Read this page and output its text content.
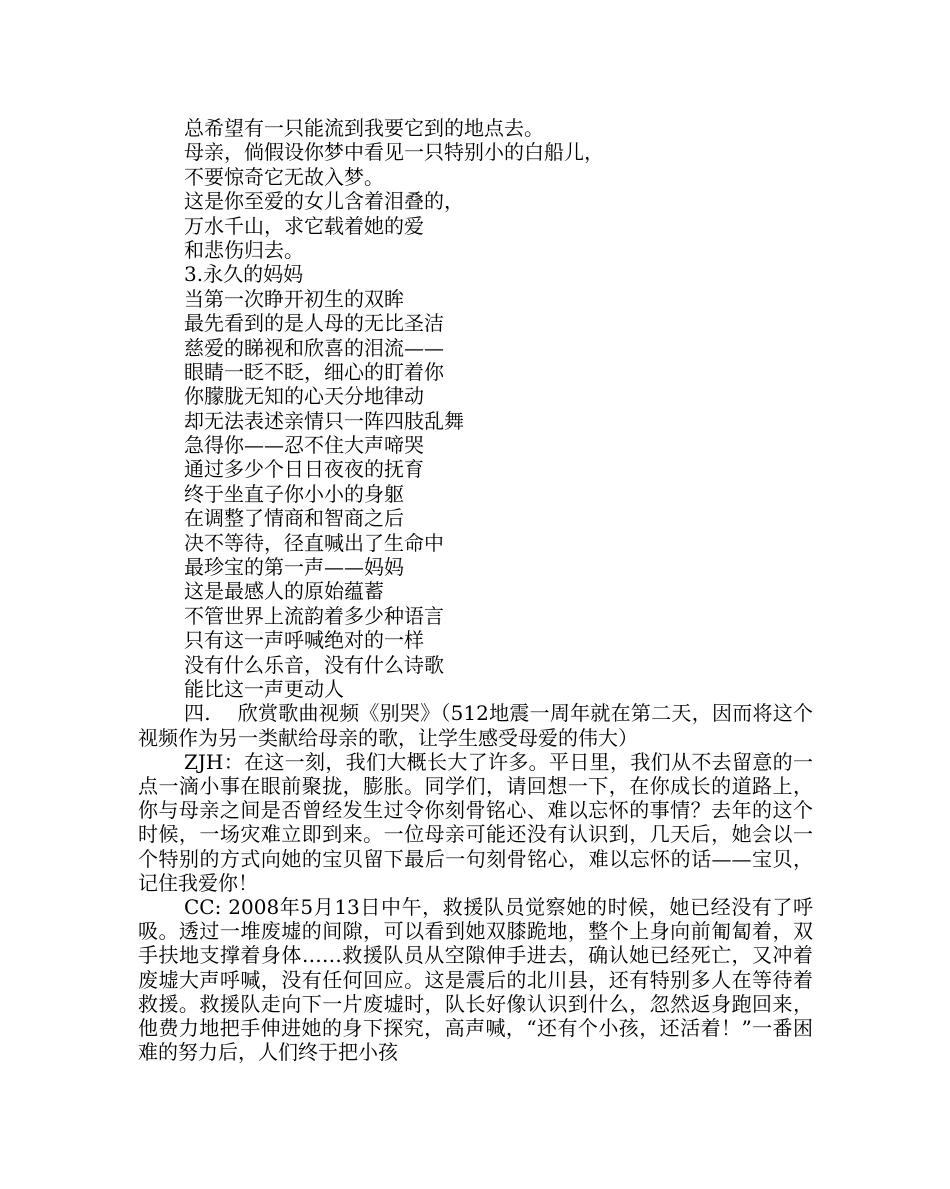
总希望有一只能流到我要它到的地点去。
母亲，倘假设你梦中看见一只特别小的白船儿，
不要惊奇它无故入梦。
这是你至爱的女儿含着泪叠的，
万水千山，求它载着她的爱
和悲伤归去。
3.永久的妈妈
当第一次睁开初生的双眸
最先看到的是人母的无比圣洁
慈爱的睇视和欣喜的泪流——
眼睛一眨不眨，细心的盯着你
你朦胧无知的心天分地律动
却无法表述亲情只一阵四肢乱舞
急得你——忍不住大声啼哭
通过多少个日日夜夜的抚育
终于坐直子你小小的身躯
在调整了情商和智商之后
决不等待，径直喊出了生命中
最珍宝的第一声——妈妈
这是最感人的原始蕴蓄
不管世界上流韵着多少种语言
只有这一声呼喊绝对的一样
没有什么乐音，没有什么诗歌
能比这一声更动人

四.　 欣赏歌曲视频《别哭》（512地震一周年就在第二天，因而将这个视频作为另一类献给母亲的歌，让学生感受母爱的伟大）

ZJH：在这一刻，我们大概长大了许多。平日里，我们从不去留意的一点一滴小事在眼前聚拢，膨胀。同学们，请回想一下，在你成长的道路上，你与母亲之间是否曾经发生过令你刻骨铭心、难以忘怀的事情？去年的这个时候，一场灾难立即到来。一位母亲可能还没有认识到，几天后，她会以一个特别的方式向她的宝贝留下最后一句刻骨铭心，难以忘怀的话——宝贝，记住我爱你！

CC: 2008年5月13日中午，救援队员觉察她的时候，她已经没有了呼吸。透过一堆废墟的间隙，可以看到她双膝跪地，整个上身向前匍匐着，双手扶地支撑着身体……救援队员从空隙伸手进去，确认她已经死亡，又冲着废墟大声呼喊，没有任何回应。这是震后的北川县，还有特别多人在等待着救援。救援队走向下一片废墟时，队长好像认识到什么，忽然返身跑回来，他费力地把手伸进她的身下探究，高声喊，“还有个小孩，还活着！”一番困难的努力后，人们终于把小孩
